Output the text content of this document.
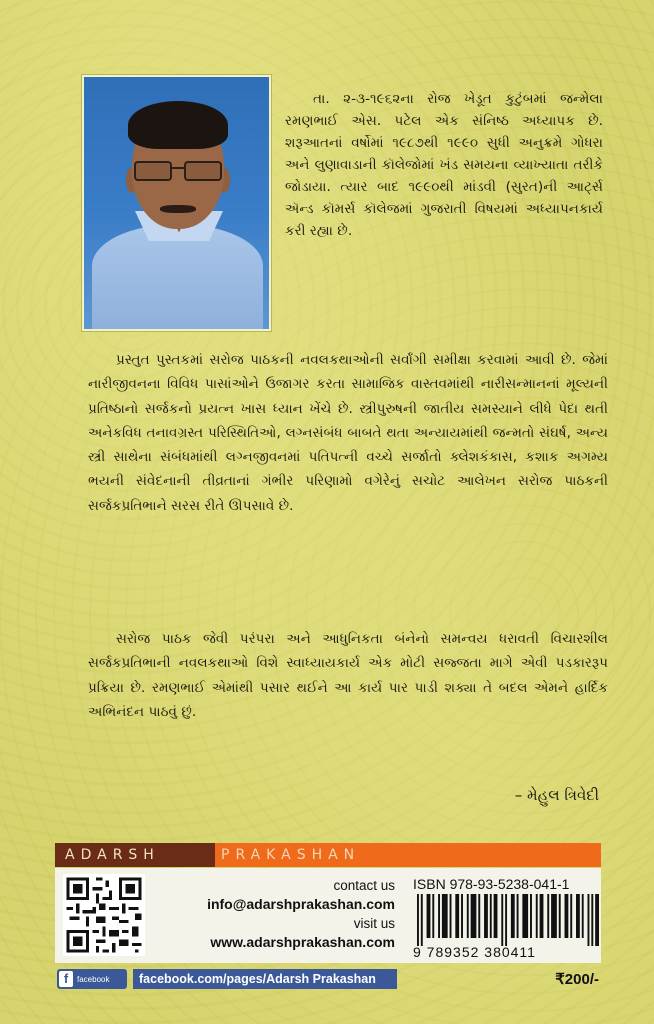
તા. ૨-૩-૧૯૬૨ના રોજ ખેડૂત કુટુંબમાં જન્મેલા રમણભાઈ એસ. પટેલ એક સંનિષ્ઠ અધ્યાપક છે. શરૂઆતનાં વર્ષોમાં ૧૯૮૭થી ૧૯૯૦ સુધી અનુક્રમે ગોધરા અને લુણાવાડાની કૉલેજોમાં ખંડ સમયના વ્યાખ્યાતા તરીકે જોડાયા. ત્યાર બાદ ૧૯૯૦થી માંડવી (સુરત)ની આર્ટ્સ ઍન્ડ કૉમર્સ કૉલેજમાં ગુજરાતી વિષયમાં અધ્યાપનકાર્ય કરી રહ્યા છે.

પ્રસ્તુત પુસ્તકમાં સરોજ પાઠકની નવલકથાઓની સર્વાંગી સમીક્ષા કરવામાં આવી છે. જેમાં નારીજીવનના વિવિધ પાસાંઓને ઉજાગર કરતા સામાજિક વાસ્તવમાંથી નારીસન્માનનાં મૂલ્યની પ્રતિષ્ઠાનો સર્જકનો પ્રયત્ન ખાસ ધ્યાન ખેંચે છે. સ્ત્રીપુરુષની જાતીય સમસ્યાને લીધે પેદા થતી અનેકવિધ તનાવગ્રસ્ત પરિસ્થિતિઓ, લગ્નસંબંધ બાબતે થતા અન્યાયમાંથી જન્મતો સંઘર્ષ, અન્ય સ્ત્રી સાથેના સંબંધમાંથી લગ્નજીવનમાં પતિપત્ની વચ્ચે સર્જાતો ક્લેશકંકાસ, કશાક અગમ્ય ભયની સંવેદનાની તીવ્રતાનાં ગંભીર પરિણામો વગેરેનું સચોટ આલેખન સરોજ પાઠકની સર્જકપ્રતિભાને સરસ રીતે ઊપસાવે છે.

સરોજ પાઠક જેવી પરંપરા અને આધુનિકતા બંનેનો સમન્વય ધરાવતી વિચારશીલ સર્જકપ્રતિભાની નવલકથાઓ વિશે સ્વાધ્યાયકાર્ય એક મોટી સજ્જતા માગે એવી પડકારરૂપ પ્રક્રિયા છે. રમણભાઈ એમાંથી પસાર થઈને આ કાર્ય પાર પાડી શક્યા તે બદલ એમને હાર્દિક અભિનંદન પાઠવું છું.

– મેહુલ ત્રિવેદી
ADARSH	PRAKASHAN
contact us
info@adarshprakashan.com
visit us
www.adarshprakashan.com
ISBN 978-93-5238-041-1
9 789352 380411
f	facebook	facebook.com/pages/Adarsh Prakashan	₹200/-
